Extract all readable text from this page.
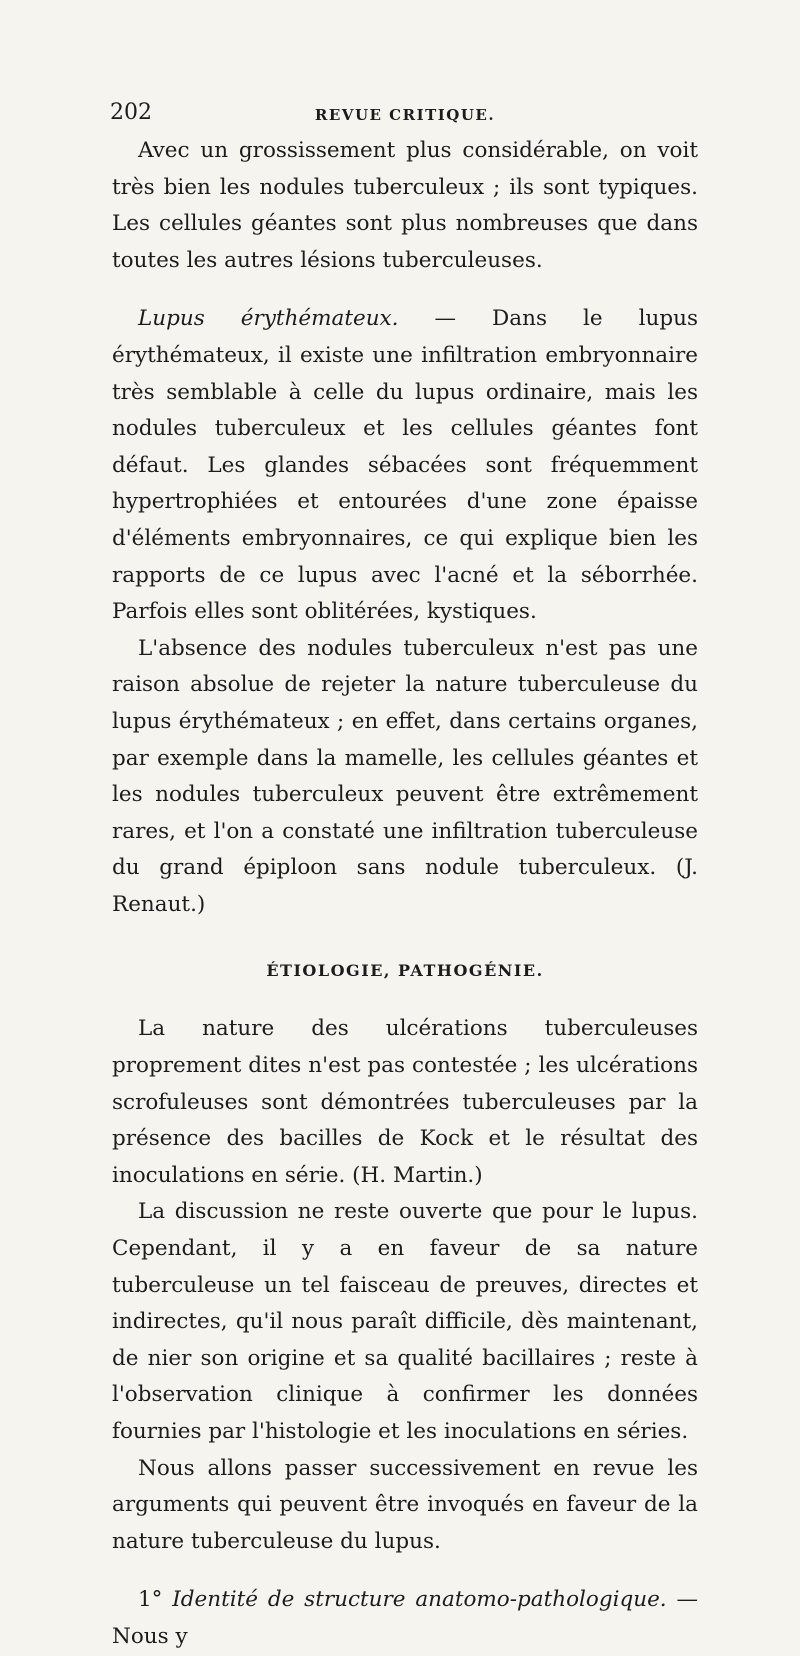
202	REVUE CRITIQUE.

Avec un grossissement plus considérable, on voit très bien les nodules tuberculeux ; ils sont typiques. Les cellules géantes sont plus nombreuses que dans toutes les autres lésions tuberculeuses.

Lupus érythémateux. — Dans le lupus érythémateux, il existe une infiltration embryonnaire très semblable à celle du lupus ordinaire, mais les nodules tuberculeux et les cellules géantes font défaut. Les glandes sébacées sont fréquemment hypertrophiées et entourées d'une zone épaisse d'éléments embryonnaires, ce qui explique bien les rapports de ce lupus avec l'acné et la séborrhée. Parfois elles sont oblitérées, kystiques.

L'absence des nodules tuberculeux n'est pas une raison absolue de rejeter la nature tuberculeuse du lupus érythémateux ; en effet, dans certains organes, par exemple dans la mamelle, les cellules géantes et les nodules tuberculeux peuvent être extrêmement rares, et l'on a constaté une infiltration tuberculeuse du grand épiploon sans nodule tuberculeux. (J. Renaut.)

ÉTIOLOGIE, PATHOGÉNIE.

La nature des ulcérations tuberculeuses proprement dites n'est pas contestée ; les ulcérations scrofuleuses sont démontrées tuberculeuses par la présence des bacilles de Kock et le résultat des inoculations en série. (H. Martin.)

La discussion ne reste ouverte que pour le lupus. Cependant, il y a en faveur de sa nature tuberculeuse un tel faisceau de preuves, directes et indirectes, qu'il nous paraît difficile, dès maintenant, de nier son origine et sa qualité bacillaires ; reste à l'observation clinique à confirmer les données fournies par l'histologie et les inoculations en séries.

Nous allons passer successivement en revue les arguments qui peuvent être invoqués en faveur de la nature tuberculeuse du lupus.

1° Identité de structure anatomo-pathologique. — Nous y
